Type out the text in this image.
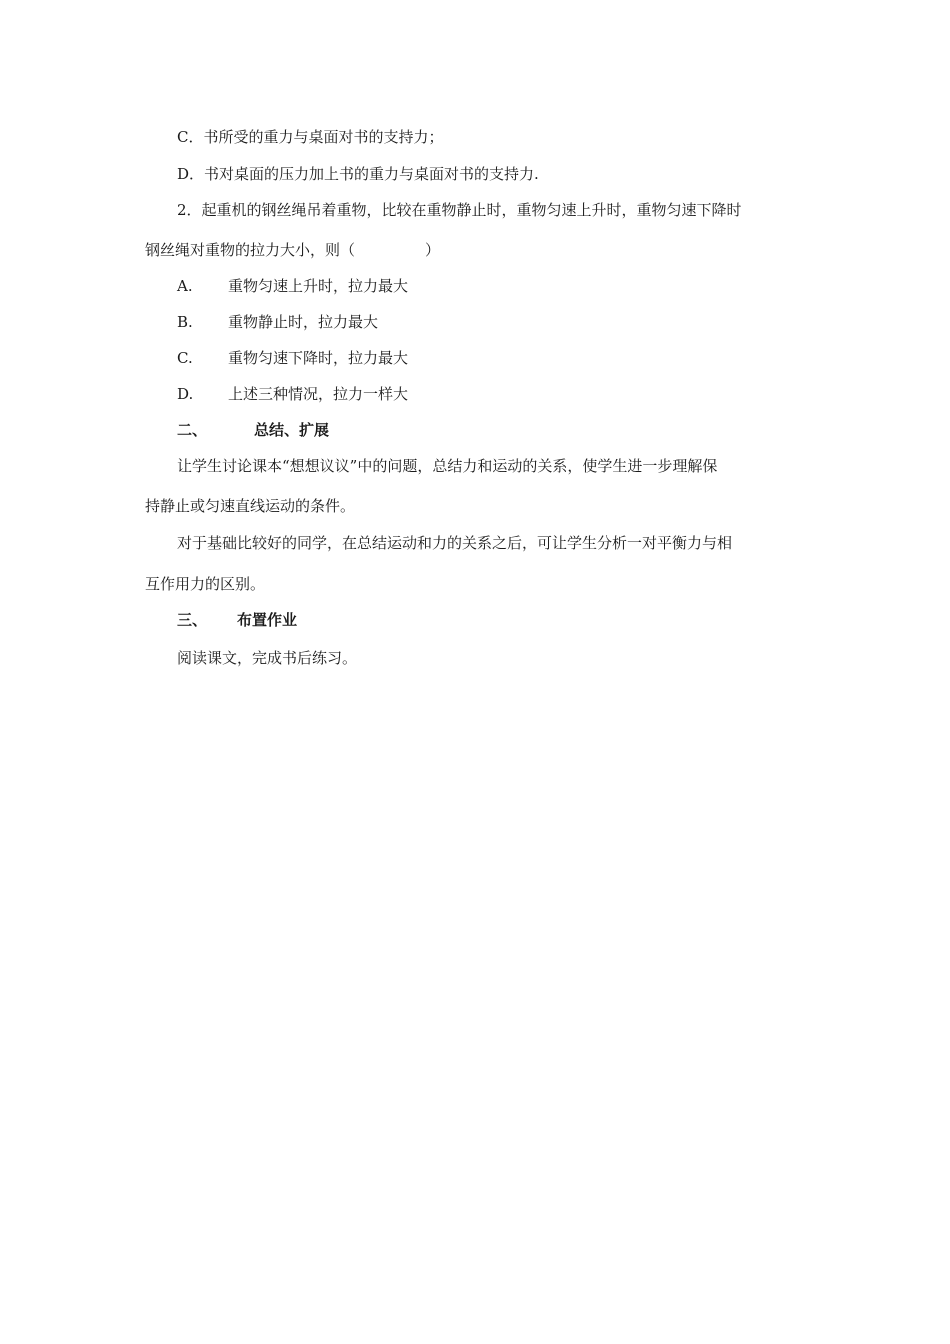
C．书所受的重力与桌面对书的支持力；
D．书对桌面的压力加上书的重力与桌面对书的支持力.
2．起重机的钢丝绳吊着重物，比较在重物静止时，重物匀速上升时，重物匀速下降时
钢丝绳对重物的拉力大小，则（	）
A. 重物匀速上升时，拉力最大
B. 重物静止时，拉力最大
C. 重物匀速下降时，拉力最大
D. 上述三种情况，拉力一样大
二、	总结、扩展
让学生讨论课本“想想议议”中的问题，总结力和运动的关系，使学生进一步理解保
持静止或匀速直线运动的条件。
对于基础比较好的同学，在总结运动和力的关系之后，可让学生分析一对平衡力与相
互作用力的区别。
三、 布置作业
阅读课文，完成书后练习。
